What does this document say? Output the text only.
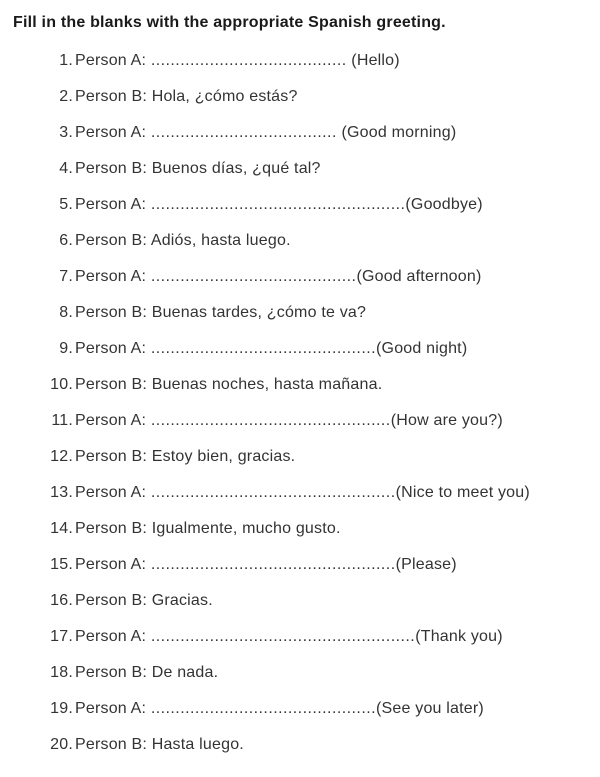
Fill in the blanks with the appropriate Spanish greeting.
1. Person A: ........................................ (Hello)
2. Person B: Hola, ¿cómo estás?
3. Person A: ...................................... (Good morning)
4. Person B: Buenos días, ¿qué tal?
5. Person A: ....................................................(Goodbye)
6. Person B: Adiós, hasta luego.
7. Person A: ..........................................(Good afternoon)
8. Person B: Buenas tardes, ¿cómo te va?
9. Person A: ..............................................(Good night)
10. Person B: Buenas noches, hasta mañana.
11. Person A: .................................................(How are you?)
12. Person B: Estoy bien, gracias.
13. Person A: ..................................................(Nice to meet you)
14. Person B: Igualmente, mucho gusto.
15. Person A: ..................................................(Please)
16. Person B: Gracias.
17. Person A: ......................................................(Thank you)
18. Person B: De nada.
19. Person A: ..............................................(See you later)
20. Person B: Hasta luego.
